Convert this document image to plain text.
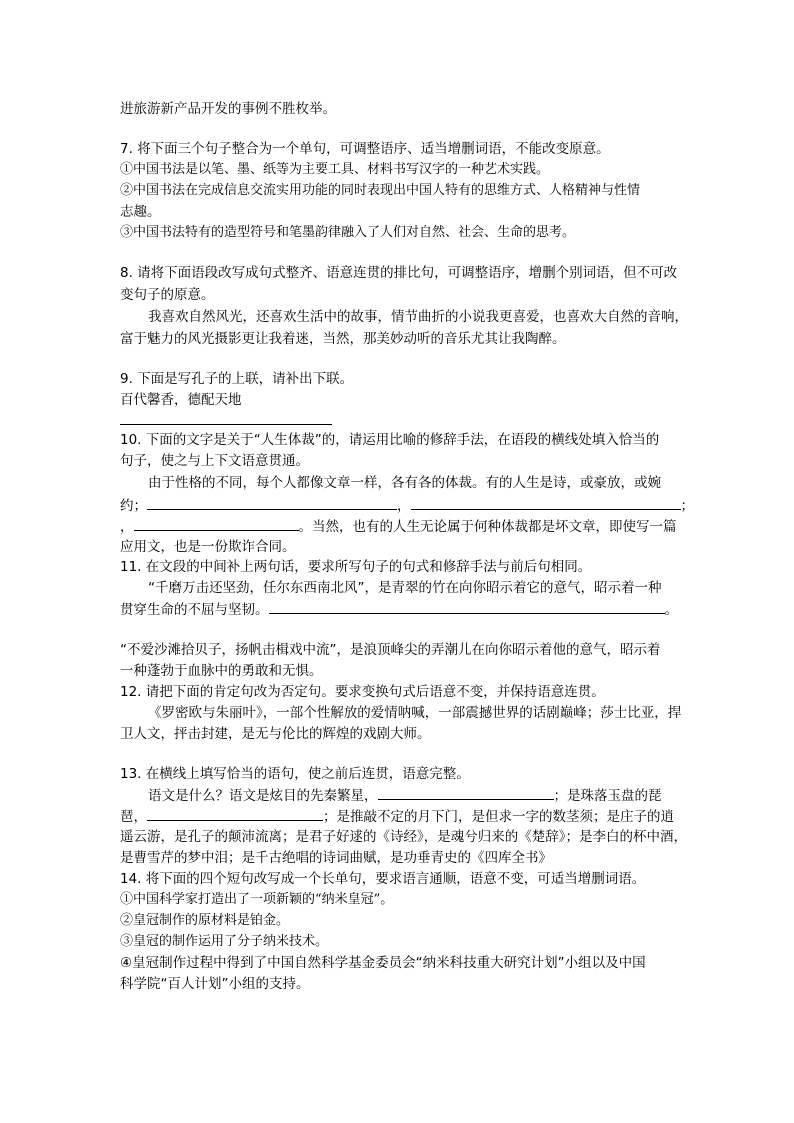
进旅游新产品开发的事例不胜枚举。
7. 将下面三个句子整合为一个单句，可调整语序、适当增删词语，不能改变原意。
①中国书法是以笔、墨、纸等为主要工具、材料书写汉字的一种艺术实践。
②中国书法在完成信息交流实用功能的同时表现出中国人特有的思维方式、人格精神与性情
志趣。
③中国书法特有的造型符号和笔墨韵律融入了人们对自然、社会、生命的思考。
8. 请将下面语段改写成句式整齐、语意连贯的排比句，可调整语序，增删个别词语，但不可改
变句子的原意。
我喜欢自然风光，还喜欢生活中的故事，情节曲折的小说我更喜爱，也喜欢大自然的音响，
富于魅力的风光摄影更让我着迷，当然，那美妙动听的音乐尤其让我陶醉。
9. 下面是写孔子的上联，请补出下联。
百代馨香，德配天地
10. 下面的文字是关于“人生体裁”的，请运用比喻的修辞手法，在语段的横线处填入恰当的
句子，使之与上下文语意贯通。
由于性格的不同，每个人都像文章一样，各有各的体裁。有的人生是诗，或豪放，或婉
约；	，	；
，	。当然，也有的人生无论属于何种体裁都是坏文章，即使写一篇
应用文，也是一份欺诈合同。
11. 在文段的中间补上两句话，要求所写句子的句式和修辞手法与前后句相同。
“千磨万击还坚劲，任尔东西南北风”，是青翠的竹在向你昭示着它的意气，昭示着一种
贯穿生命的不屈与坚韧。	。
“不爱沙滩拾贝子，扬帆击楫戏中流”，是浪顶峰尖的弄潮儿在向你昭示着他的意气，昭示着
一种蓬勃于血脉中的勇敢和无惧。
12. 请把下面的肯定句改为否定句。要求变换句式后语意不变，并保持语意连贯。
《罗密欧与朱丽叶》，一部个性解放的爱情呐喊，一部震撼世界的话剧巅峰；莎士比亚，捍
卫人文，抨击封建，是无与伦比的辉煌的戏剧大师。
13. 在横线上填写恰当的语句，使之前后连贯，语意完整。
语文是什么？语文是炫目的先秦繁星，	；是珠落玉盘的琵
琶，	；是推敲不定的月下门，是但求一字的数茎须；是庄子的逍
遥云游，是孔子的颠沛流离；是君子好逑的《诗经》，是魂兮归来的《楚辞》；是李白的杯中酒，
是曹雪芹的梦中泪；是千古绝唱的诗词曲赋，是功垂青史的《四库全书》
14. 将下面的四个短句改写成一个长单句，要求语言通顺，语意不变，可适当增删词语。
①中国科学家打造出了一项新颖的“纳米皇冠”。
②皇冠制作的原材料是铂金。
③皇冠的制作运用了分子纳米技术。
④皇冠制作过程中得到了中国自然科学基金委员会“纳米科技重大研究计划”小组以及中国
科学院“百人计划”小组的支持。
